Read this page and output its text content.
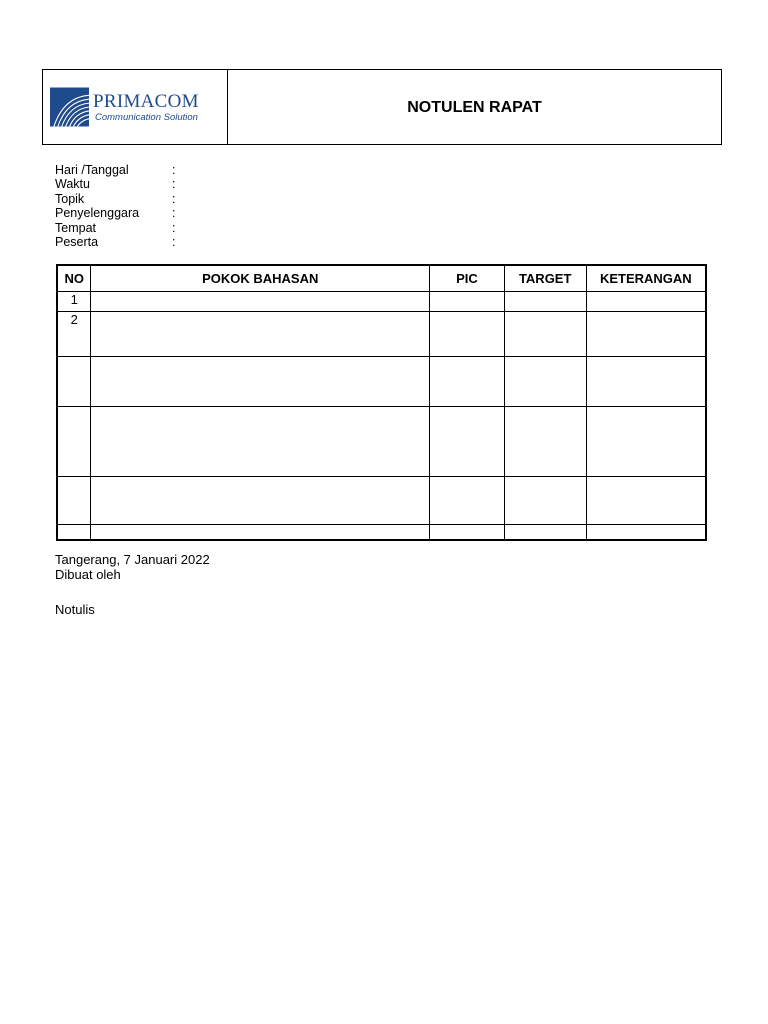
PRIMACOM
Communication Solution
NOTULEN RAPAT
Hari /Tanggal	:
Waktu	:
Topik	:
Penyelenggara	:
Tempat	:
Peserta	:
NO	POKOK BAHASAN	PIC	TARGET	KETERANGAN
1				
2				

Tangerang, 7 Januari 2022
Dibuat oleh
Notulis
